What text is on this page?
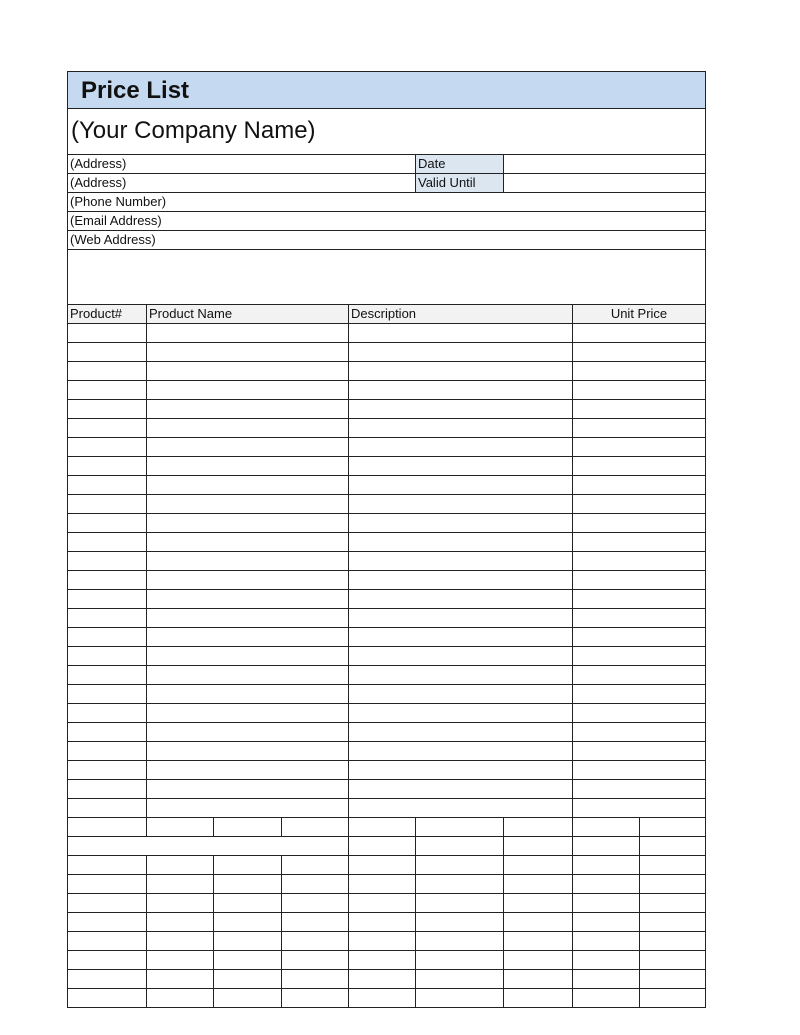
Price List
(Your Company Name)
(Address)	Date
(Address)	Valid Until
(Phone Number)
(Email Address)
(Web Address)
Product#	Product Name	Description	Unit Price
